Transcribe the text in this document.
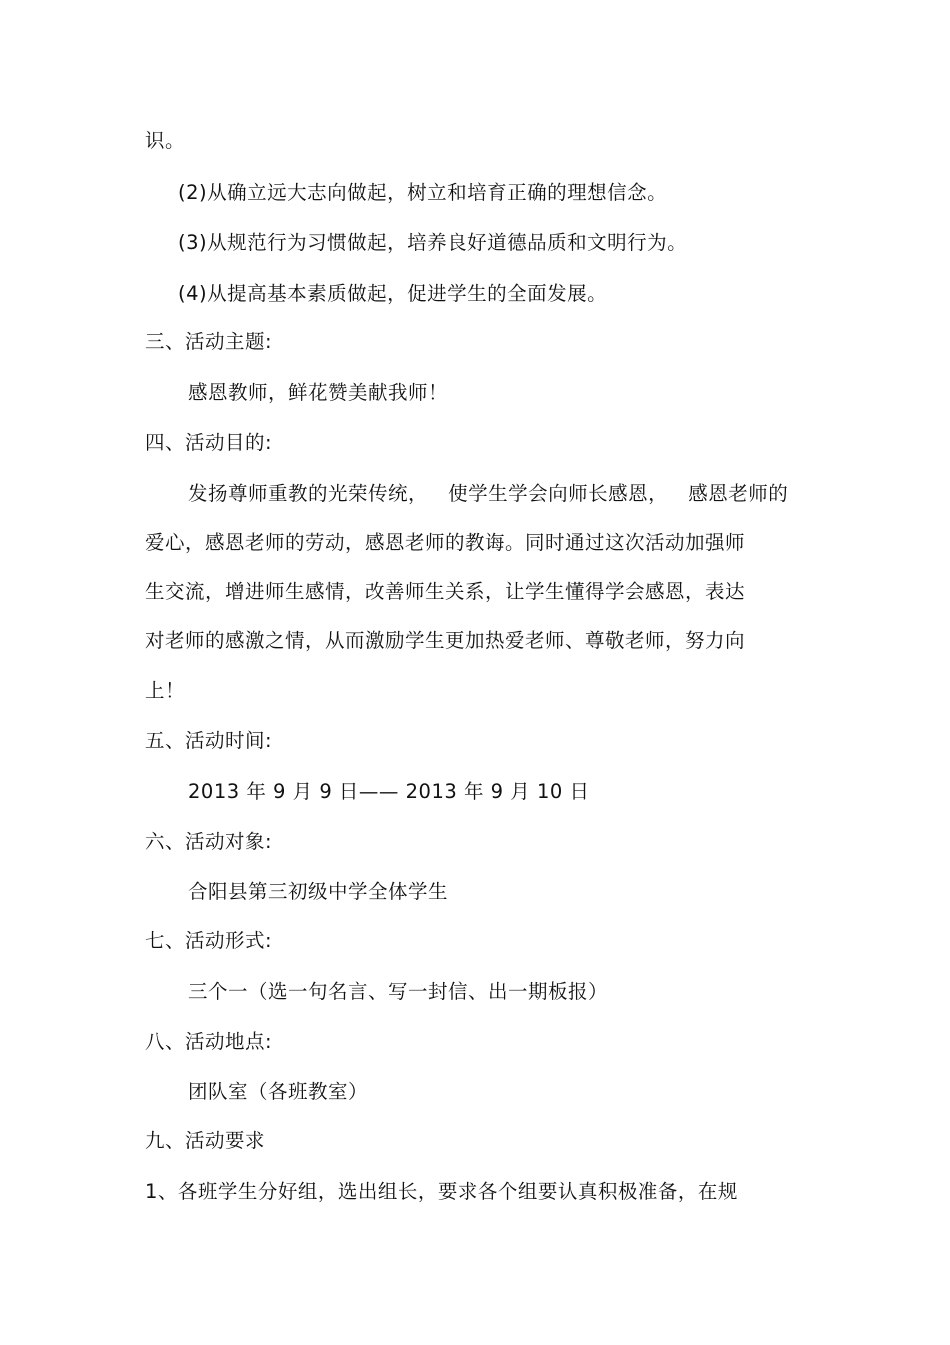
识。
(2)从确立远大志向做起，树立和培育正确的理想信念。
(3)从规范行为习惯做起，培养良好道德品质和文明行为。
(4)从提高基本素质做起，促进学生的全面发展。
三、活动主题:
感恩教师，鲜花赞美献我师！
四、活动目的:
发扬尊师重教的光荣传统，   使学生学会向师长感恩，   感恩老师的
爱心，感恩老师的劳动，感恩老师的教诲。同时通过这次活动加强师
生交流，增进师生感情，改善师生关系，让学生懂得学会感恩，表达
对老师的感激之情，从而激励学生更加热爱老师、尊敬老师，努力向
上！
五、活动时间:
2013 年 9 月 9 日—— 2013 年 9 月 10 日
六、活动对象:
合阳县第三初级中学全体学生
七、活动形式:
三个一（选一句名言、写一封信、出一期板报）
八、活动地点:
团队室（各班教室）
九、活动要求
1、各班学生分好组，选出组长，要求各个组要认真积极准备，在规
